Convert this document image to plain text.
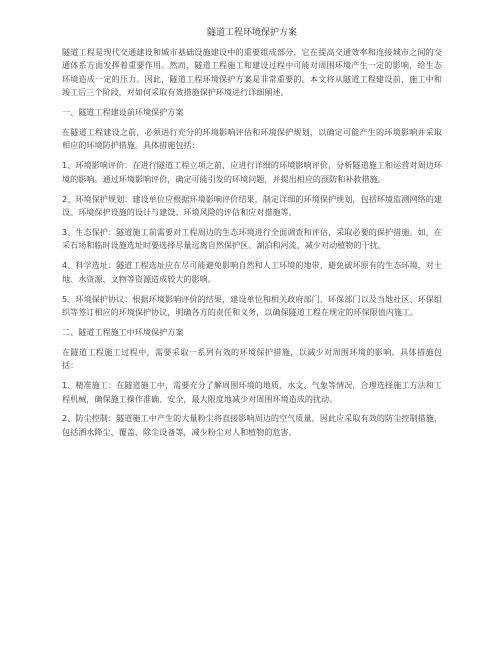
隧道工程环境保护方案

隧道工程是现代交通建设和城市基础设施建设中的重要组成部分，它在提高交通效率和连接城市之间的交通体系方面发挥着重要作用。然而，隧道工程施工和建设过程中可能对周围环境产生一定的影响，给生态环境造成一定的压力。因此，隧道工程环境保护方案是非常重要的。本文将从隧道工程建设前、施工中和竣工后三个阶段，对如何采取有效措施保护环境进行详细阐述。

一、隧道工程建设前环境保护方案

在隧道工程建设之前，必须进行充分的环境影响评估和环境保护规划，以确定可能产生的环境影响并采取相应的环境防护措施。具体措施包括：

1、环境影响评价：在进行隧道工程立项之前，应进行详细的环境影响评价，分析隧道施工和运营对周边环境的影响。通过环境影响评价，确定可能引发的环境问题，并提出相应的预防和补救措施。

2、环境保护规划：建设单位应根据环境影响评价结果，制定详细的环境保护规划，包括环境监测网络的建设、环境保护设施的设计与建设、环境风险的评估和应对措施等。

3、生态保护：隧道施工前需要对工程周边的生态环境进行全面调查和评估，采取必要的保护措施。如，在采石场和临时设施选址时要选择尽量远离自然保护区、湖泊和河流，减少对动植物的干扰。

4、科学选址：隧道工程选址应在尽可能避免影响自然和人工环境的地带，避免破坏原有的生态环境，对土地、水资源、文物等资源造成较大的影响。

5、环境保护协议：根据环境影响评价的结果，建设单位和相关政府部门、环保部门以及当地社区、环保组织等签订相应的环境保护协议，明确各方的责任和义务，以确保隧道工程在规定的环保限值内施工。

二、隧道工程施工中环境保护方案

在隧道工程施工过程中，需要采取一系列有效的环境保护措施，以减少对周围环境的影响。具体措施包括：

1、精准施工：在隧道施工中，需要充分了解周围环境的地质、水文、气象等情况，合理选择施工方法和工程机械，确保施工操作准确、安全，最大限度地减少对周围环境造成的扰动。

2、防尘控制：隧道施工中产生的大量粉尘将直接影响周边的空气质量，因此应采取有效的防尘控制措施，包括洒水降尘、覆盖、除尘设备等，减少粉尘对人和植物的危害。
